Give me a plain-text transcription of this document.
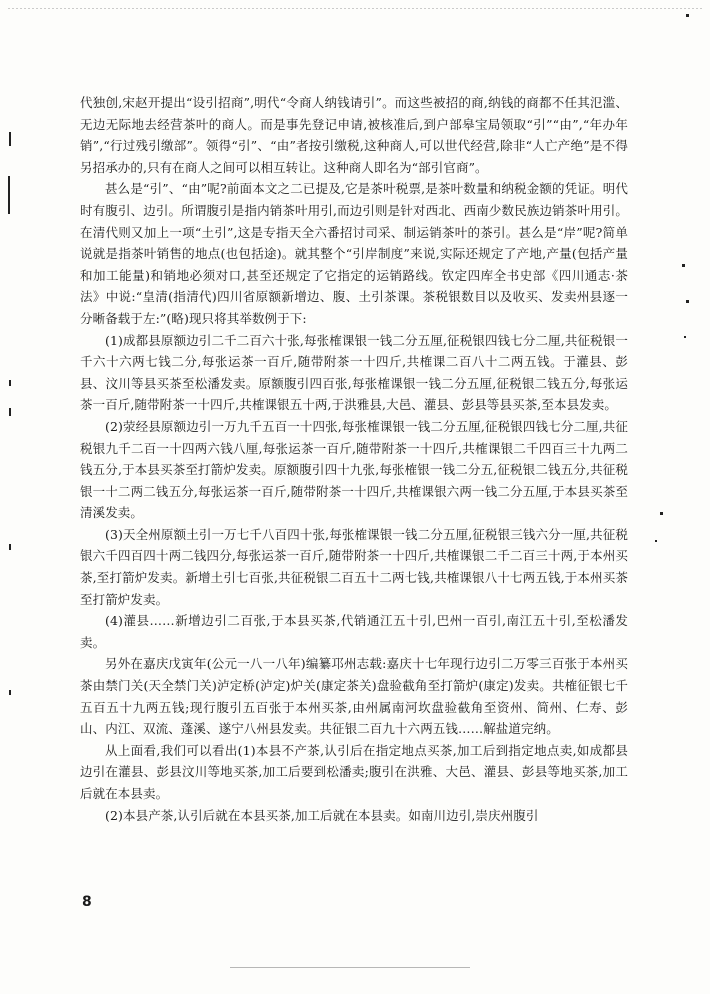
代独创,宋赵开提出“设引招商”,明代“令商人纳钱请引”。而这些被招的商,纳钱的商都不任其氾滥、无边无际地去经营茶叶的商人。而是事先登记申请,被核准后,到户部皋宝局领取“引”“由”,“年办年销”,“行过残引缴部”。领得“引”、“由”者按引缴税,这种商人,可以世代经营,除非“人亡产绝”是不得另招承办的,只有在商人之间可以相互转让。这种商人即名为“部引官商”。

甚么是“引”、“由”呢?前面本文之二已提及,它是茶叶税票,是茶叶数量和纳税金额的凭证。明代时有腹引、边引。所谓腹引是指内销茶叶用引,而边引则是针对西北、西南少数民族边销茶叶用引。在清代则又加上一项“土引”,这是专指天全六番招讨司采、制运销茶叶的茶引。甚么是“岸”呢?简单说就是指茶叶销售的地点(也包括途)。就其整个“引岸制度”来说,实际还规定了产地,产量(包括产量和加工能量)和销地必须对口,甚至还规定了它指定的运销路线。钦定四库全书史部《四川通志·茶法》中说:“皇清(指清代)四川省原额新增边、腹、土引茶课。茶税银数目以及收买、发卖州县逐一分晰备载于左:”(略)现只将其举数例于下:

(1)成都县原额边引二千二百六十张,每张榷课银一钱二分五厘,征税银四钱七分二厘,共征税银一千六十六两七钱二分,每张运茶一百斤,随带附茶一十四斤,共榷课二百八十二两五钱。于灌县、彭县、汶川等县买茶至松潘发卖。原额腹引四百张,每张榷课银一钱二分五厘,征税银二钱五分,每张运茶一百斤,随带附茶一十四斤,共榷课银五十两,于洪雅县,大邑、灌县、彭县等县买茶,至本县发卖。

(2)荥经县原额边引一万九千五百一十四张,每张榷课银一钱二分五厘,征税银四钱七分二厘,共征税银九千二百一十四两六钱八厘,每张运茶一百斤,随带附茶一十四斤,共榷课银二千四百三十九两二钱五分,于本县买茶至打箭炉发卖。原额腹引四十九张,每张榷银一钱二分五,征税银二钱五分,共征税银一十二两二钱五分,每张运茶一百斤,随带附茶一十四斤,共榷课银六两一钱二分五厘,于本县买茶至清溪发卖。

(3)天全州原额土引一万七千八百四十张,每张榷课银一钱二分五厘,征税银三钱六分一厘,共征税银六千四百四十两二钱四分,每张运茶一百斤,随带附茶一十四斤,共榷课银二千二百三十两,于本州买茶,至打箭炉发卖。新增土引七百张,共征税银二百五十二两七钱,共榷课银八十七两五钱,于本州买茶至打箭炉发卖。

(4)灌县……新增边引二百张,于本县买茶,代销通江五十引,巴州一百引,南江五十引,至松潘发卖。

另外在嘉庆戊寅年(公元一八一八年)编纂邛州志载:嘉庆十七年现行边引二万零三百张于本州买茶由禁门关(天全禁门关)泸定桥(泸定)炉关(康定茶关)盘验截角至打箭炉(康定)发卖。共榷征银七千五百五十九两五钱;现行腹引五百张于本州买茶,由州属南河坎盘验截角至资州、简州、仁寿、彭山、内江、双流、蓬溪、遂宁八州县发卖。共征银二百九十六两五钱……解盐道完纳。

从上面看,我们可以看出(1)本县不产茶,认引后在指定地点买茶,加工后到指定地点卖,如成都县边引在灌县、彭县汶川等地买茶,加工后要到松潘卖;腹引在洪雅、大邑、灌县、彭县等地买茶,加工后就在本县卖。

(2)本县产茶,认引后就在本县买茶,加工后就在本县卖。如南川边引,崇庆州腹引

8
